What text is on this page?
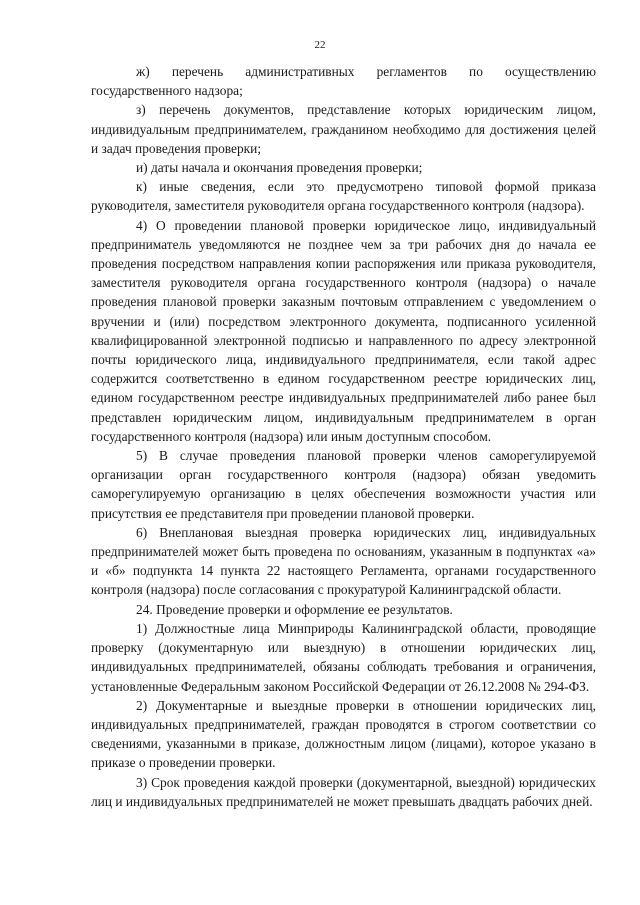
22

ж) перечень административных регламентов по осуществлению государственного надзора;

з) перечень документов, представление которых юридическим лицом, индивидуальным предпринимателем, гражданином необходимо для достижения целей и задач проведения проверки;

и) даты начала и окончания проведения проверки;

к) иные сведения, если это предусмотрено типовой формой приказа руководителя, заместителя руководителя органа государственного контроля (надзора).

4) О проведении плановой проверки юридическое лицо, индивидуальный предприниматель уведомляются не позднее чем за три рабочих дня до начала ее проведения посредством направления копии распоряжения или приказа руководителя, заместителя руководителя органа государственного контроля (надзора) о начале проведения плановой проверки заказным почтовым отправлением с уведомлением о вручении и (или) посредством электронного документа, подписанного усиленной квалифицированной электронной подписью и направленного по адресу электронной почты юридического лица, индивидуального предпринимателя, если такой адрес содержится соответственно в едином государственном реестре юридических лиц, едином государственном реестре индивидуальных предпринимателей либо ранее был представлен юридическим лицом, индивидуальным предпринимателем в орган государственного контроля (надзора) или иным доступным способом.

5) В случае проведения плановой проверки членов саморегулируемой организации орган государственного контроля (надзора) обязан уведомить саморегулируемую организацию в целях обеспечения возможности участия или присутствия ее представителя при проведении плановой проверки.

6) Внеплановая выездная проверка юридических лиц, индивидуальных предпринимателей может быть проведена по основаниям, указанным в подпунктах «а» и «б» подпункта 14 пункта 22 настоящего Регламента, органами государственного контроля (надзора) после согласования с прокуратурой Калининградской области.

24. Проведение проверки и оформление ее результатов.

1) Должностные лица Минприроды Калининградской области, проводящие проверку (документарную или выездную) в отношении юридических лиц, индивидуальных предпринимателей, обязаны соблюдать требования и ограничения, установленные Федеральным законом Российской Федерации от 26.12.2008 № 294-ФЗ.

2) Документарные и выездные проверки в отношении юридических лиц, индивидуальных предпринимателей, граждан проводятся в строгом соответствии со сведениями, указанными в приказе, должностным лицом (лицами), которое указано в приказе о проведении проверки.

3) Срок проведения каждой проверки (документарной, выездной) юридических лиц и индивидуальных предпринимателей не может превышать двадцать рабочих дней.
